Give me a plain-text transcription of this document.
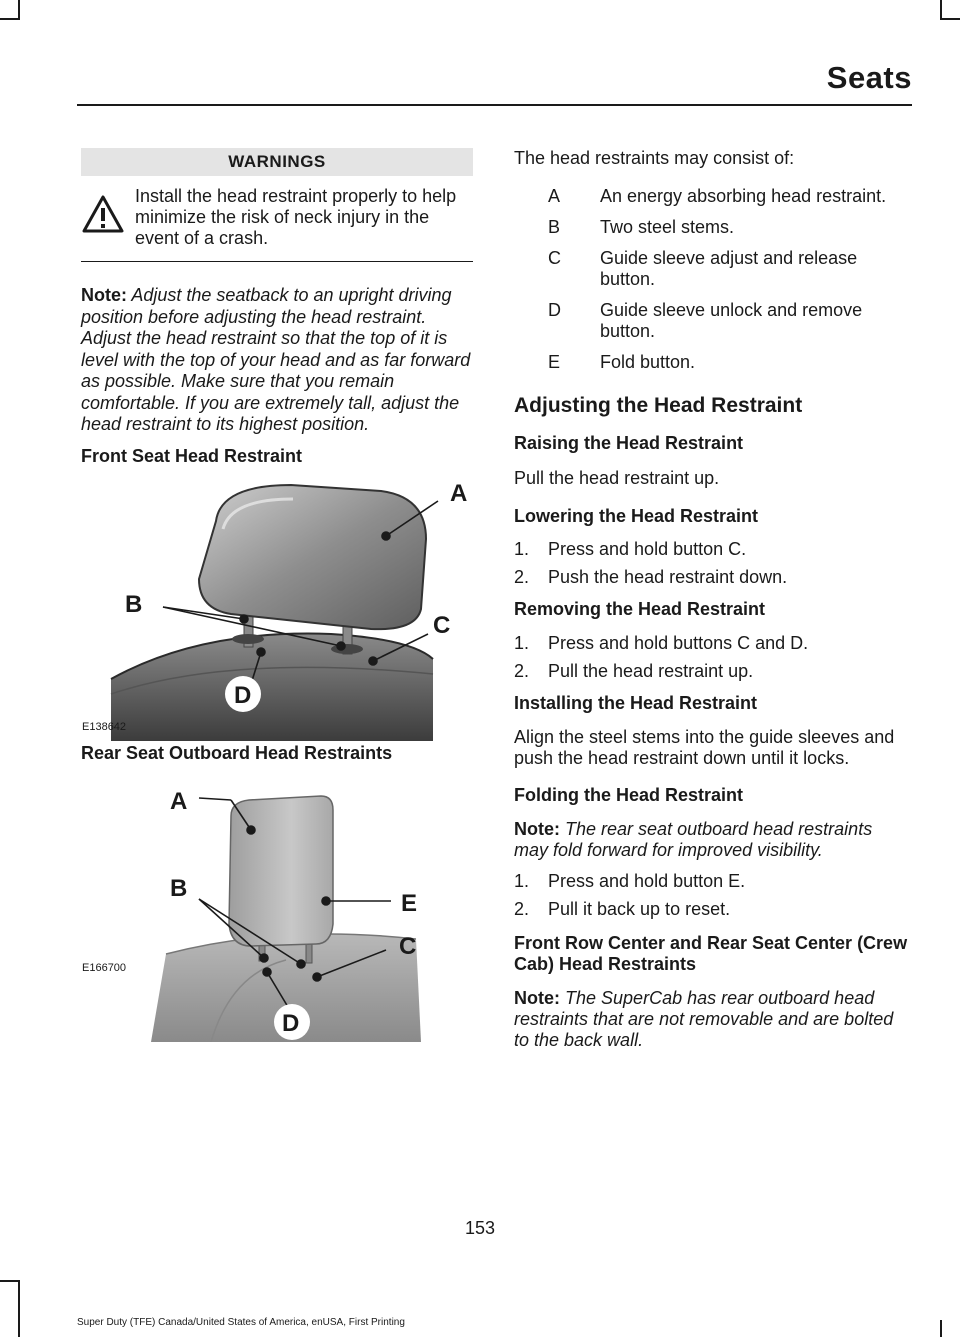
Seats
WARNINGS
Install the head restraint properly to help minimize the risk of neck injury in the event of a crash.

Note: Adjust the seatback to an upright driving position before adjusting the head restraint. Adjust the head restraint so that the top of it is level with the top of your head and as far forward as possible. Make sure that you remain comfortable. If you are extremely tall, adjust the head restraint to its highest position.

Front Seat Head Restraint

A
B
C
D
E138642

Rear Seat Outboard Head Restraints

A
B
E
C
D
E166700

The head restraints may consist of:

A	An energy absorbing head restraint.
B	Two steel stems.
C	Guide sleeve adjust and release button.
D	Guide sleeve unlock and remove button.
E	Fold button.

Adjusting the Head Restraint

Raising the Head Restraint

Pull the head restraint up.

Lowering the Head Restraint

1.	Press and hold button C.
2.	Push the head restraint down.

Removing the Head Restraint

1.	Press and hold buttons C and D.
2.	Pull the head restraint up.

Installing the Head Restraint

Align the steel stems into the guide sleeves and push the head restraint down until it locks.

Folding the Head Restraint

Note: The rear seat outboard head restraints may fold forward for improved visibility.

1.	Press and hold button E.
2.	Pull it back up to reset.

Front Row Center and Rear Seat Center (Crew Cab) Head Restraints

Note: The SuperCab has rear outboard head restraints that are not removable and are bolted to the back wall.

153
Super Duty (TFE) Canada/United States of America, enUSA, First Printing
